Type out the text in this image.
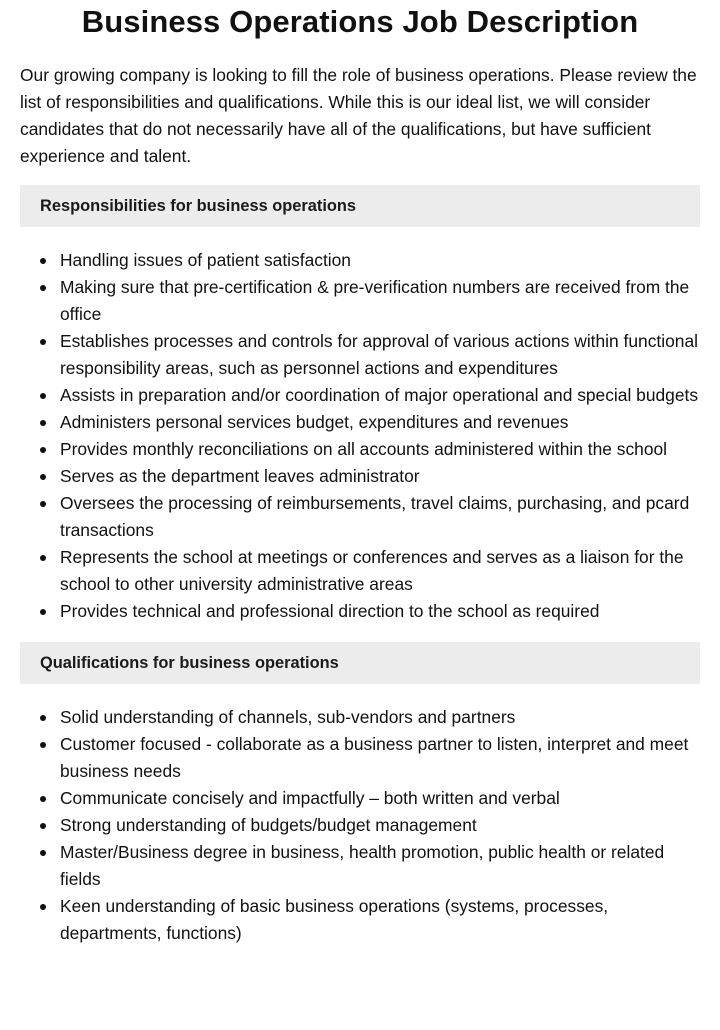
Business Operations Job Description

Our growing company is looking to fill the role of business operations. Please review the list of responsibilities and qualifications. While this is our ideal list, we will consider candidates that do not necessarily have all of the qualifications, but have sufficient experience and talent.

Responsibilities for business operations
Handling issues of patient satisfaction
Making sure that pre-certification & pre-verification numbers are received from the office
Establishes processes and controls for approval of various actions within functional responsibility areas, such as personnel actions and expenditures
Assists in preparation and/or coordination of major operational and special budgets
Administers personal services budget, expenditures and revenues
Provides monthly reconciliations on all accounts administered within the school
Serves as the department leaves administrator
Oversees the processing of reimbursements, travel claims, purchasing, and pcard transactions
Represents the school at meetings or conferences and serves as a liaison for the school to other university administrative areas
Provides technical and professional direction to the school as required
Qualifications for business operations
Solid understanding of channels, sub-vendors and partners
Customer focused - collaborate as a business partner to listen, interpret and meet business needs
Communicate concisely and impactfully – both written and verbal
Strong understanding of budgets/budget management
Master/Business degree in business, health promotion, public health or related fields
Keen understanding of basic business operations (systems, processes, departments, functions)
